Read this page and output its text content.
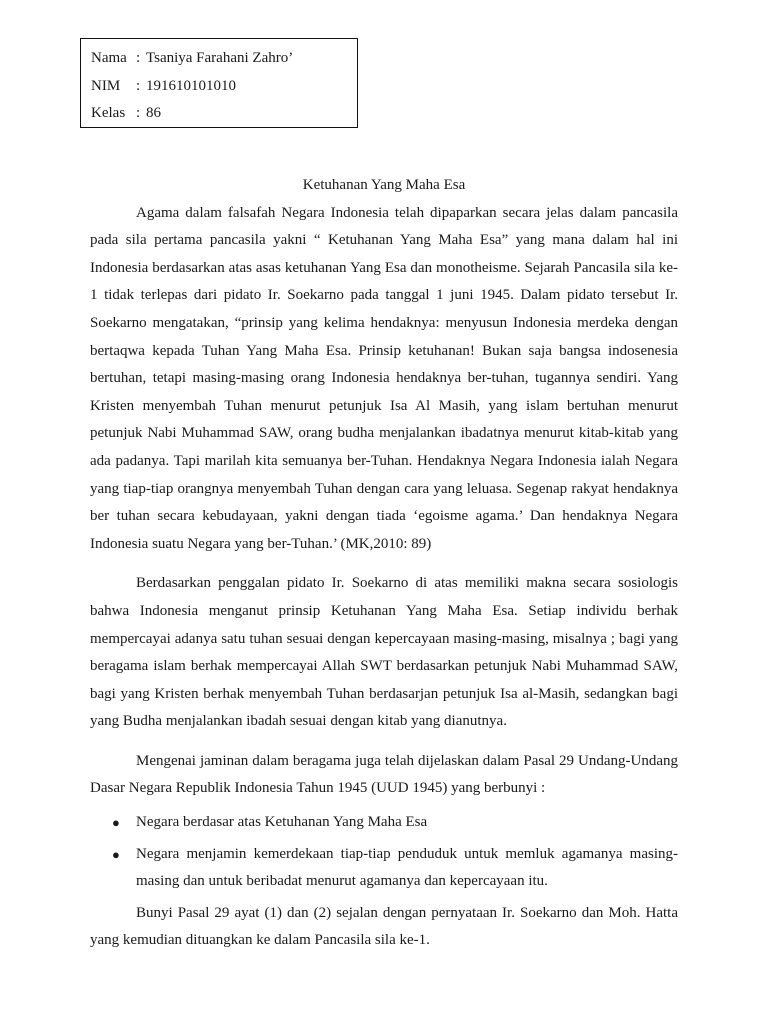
Nama : Tsaniya Farahani Zahro’
NIM	: 191610101010
Kelas : 86
Ketuhanan Yang Maha Esa

Agama dalam falsafah Negara Indonesia telah dipaparkan secara jelas dalam pancasila pada sila pertama pancasila yakni “ Ketuhanan Yang Maha Esa” yang mana dalam hal ini Indonesia berdasarkan atas asas ketuhanan Yang Esa dan monotheisme. Sejarah Pancasila sila ke-1 tidak terlepas dari pidato Ir. Soekarno pada tanggal 1 juni 1945. Dalam pidato tersebut Ir. Soekarno mengatakan, “prinsip yang kelima hendaknya: menyusun Indonesia merdeka dengan bertaqwa kepada Tuhan Yang Maha Esa. Prinsip ketuhanan! Bukan saja bangsa indosenesia bertuhan, tetapi masing-masing orang Indonesia hendaknya ber-tuhan, tugannya sendiri. Yang Kristen menyembah Tuhan menurut petunjuk Isa Al Masih, yang islam bertuhan menurut petunjuk Nabi Muhammad SAW, orang budha menjalankan ibadatnya menurut kitab-kitab yang ada padanya. Tapi marilah kita semuanya ber-Tuhan. Hendaknya Negara Indonesia ialah Negara yang tiap-tiap orangnya menyembah Tuhan dengan cara yang leluasa. Segenap rakyat hendaknya ber tuhan secara kebudayaan, yakni dengan tiada ‘egoisme agama.’ Dan hendaknya Negara Indonesia suatu Negara yang ber-Tuhan.’ (MK,2010: 89)

Berdasarkan penggalan pidato Ir. Soekarno di atas memiliki makna secara sosiologis bahwa Indonesia menganut prinsip Ketuhanan Yang Maha Esa. Setiap individu berhak mempercayai adanya satu tuhan sesuai dengan kepercayaan masing-masing, misalnya ; bagi yang beragama islam berhak mempercayai Allah SWT berdasarkan petunjuk Nabi Muhammad SAW, bagi yang Kristen berhak menyembah Tuhan berdasarjan petunjuk Isa al-Masih, sedangkan bagi yang Budha menjalankan ibadah sesuai dengan kitab yang dianutnya.

Mengenai jaminan dalam beragama juga telah dijelaskan dalam Pasal 29 Undang-Undang Dasar Negara Republik Indonesia Tahun 1945 (UUD 1945) yang berbunyi :

● Negara berdasar atas Ketuhanan Yang Maha Esa
● Negara menjamin kemerdekaan tiap-tiap penduduk untuk memluk agamanya masing-masing dan untuk beribadat menurut agamanya dan kepercayaan itu.

Bunyi Pasal 29 ayat (1) dan (2) sejalan dengan pernyataan Ir. Soekarno dan Moh. Hatta yang kemudian dituangkan ke dalam Pancasila sila ke-1.
